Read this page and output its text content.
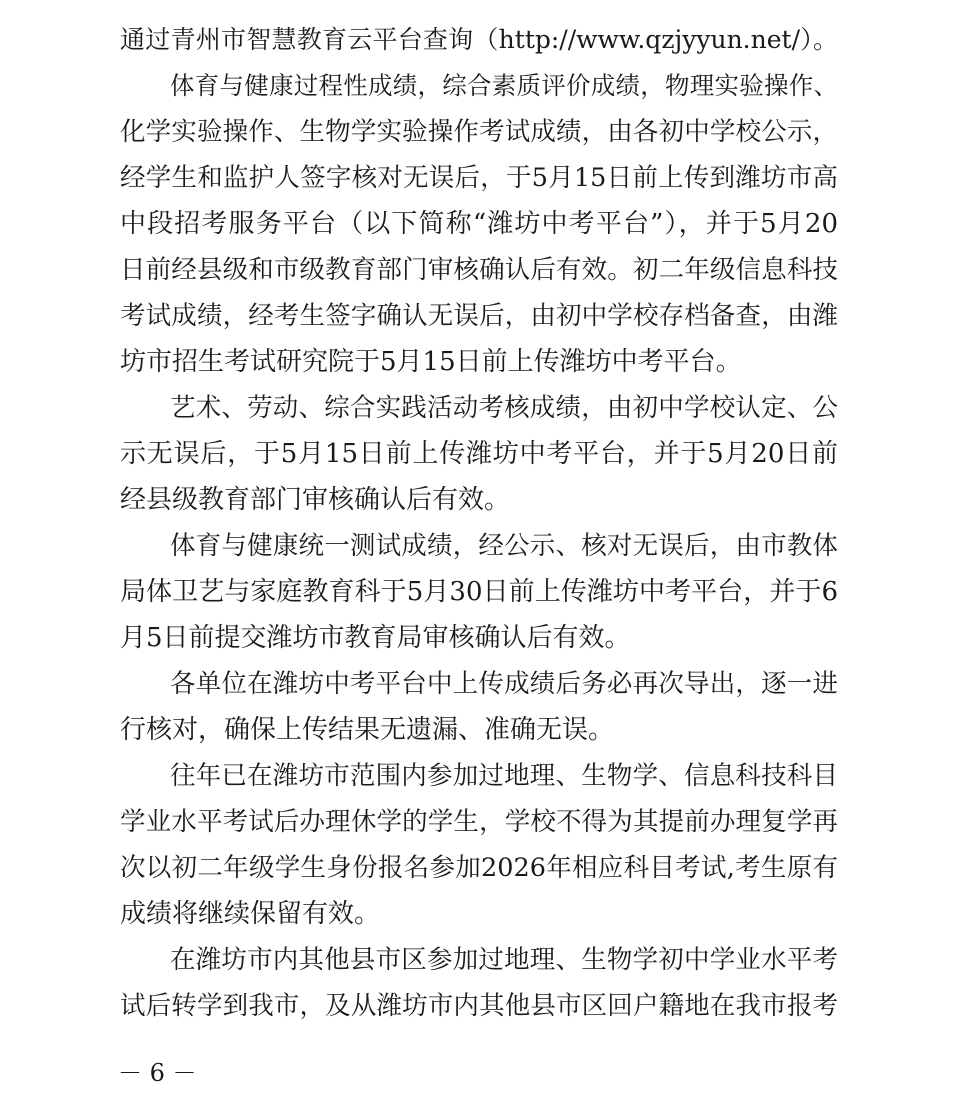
通过青州市智慧教育云平台查询（http://www.qzjyyun.net/）。
体育与健康过程性成绩，综合素质评价成绩，物理实验操作、
化学实验操作、生物学实验操作考试成绩，由各初中学校公示，
经学生和监护人签字核对无误后，于5月15日前上传到潍坊市高
中段招考服务平台（以下简称“潍坊中考平台”），并于5月20
日前经县级和市级教育部门审核确认后有效。初二年级信息科技
考试成绩，经考生签字确认无误后，由初中学校存档备查，由潍
坊市招生考试研究院于5月15日前上传潍坊中考平台。
艺术、劳动、综合实践活动考核成绩，由初中学校认定、公
示无误后，于5月15日前上传潍坊中考平台，并于5月20日前
经县级教育部门审核确认后有效。
体育与健康统一测试成绩，经公示、核对无误后，由市教体
局体卫艺与家庭教育科于5月30日前上传潍坊中考平台，并于6
月5日前提交潍坊市教育局审核确认后有效。
各单位在潍坊中考平台中上传成绩后务必再次导出，逐一进
行核对，确保上传结果无遗漏、准确无误。
往年已在潍坊市范围内参加过地理、生物学、信息科技科目
学业水平考试后办理休学的学生，学校不得为其提前办理复学再
次以初二年级学生身份报名参加2026年相应科目考试,考生原有
成绩将继续保留有效。
在潍坊市内其他县市区参加过地理、生物学初中学业水平考
试后转学到我市，及从潍坊市内其他县市区回户籍地在我市报考
－ 6 －
